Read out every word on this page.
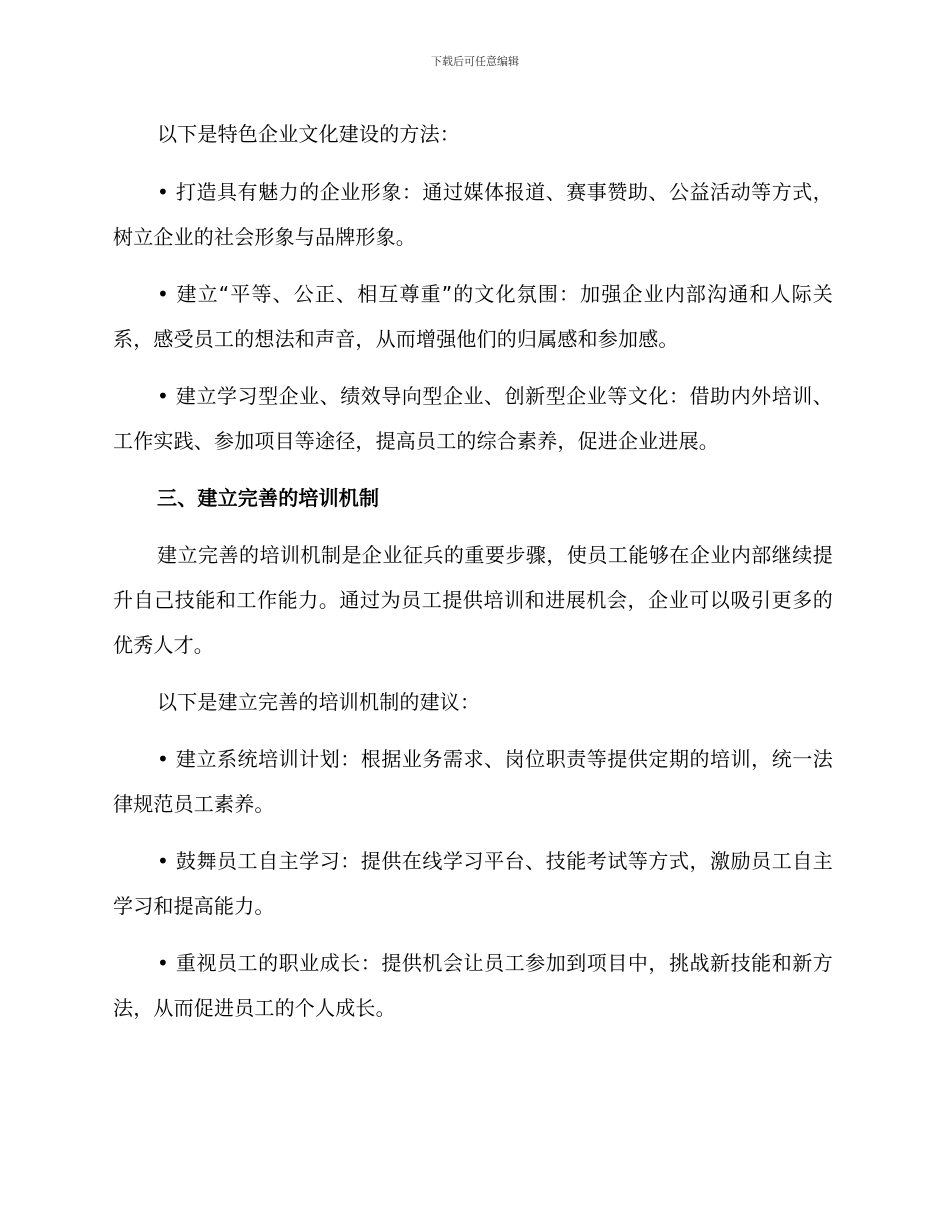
下载后可任意编辑

以下是特色企业文化建设的方法：

• 打造具有魅力的企业形象：通过媒体报道、赛事赞助、公益活动等方式，树立企业的社会形象与品牌形象。

• 建立“平等、公正、相互尊重”的文化氛围：加强企业内部沟通和人际关系，感受员工的想法和声音，从而增强他们的归属感和参加感。

• 建立学习型企业、绩效导向型企业、创新型企业等文化：借助内外培训、工作实践、参加项目等途径，提高员工的综合素养，促进企业进展。

三、建立完善的培训机制

建立完善的培训机制是企业征兵的重要步骤，使员工能够在企业内部继续提升自己技能和工作能力。通过为员工提供培训和进展机会，企业可以吸引更多的优秀人才。

以下是建立完善的培训机制的建议：

• 建立系统培训计划：根据业务需求、岗位职责等提供定期的培训，统一法律规范员工素养。

• 鼓舞员工自主学习：提供在线学习平台、技能考试等方式，激励员工自主学习和提高能力。

• 重视员工的职业成长：提供机会让员工参加到项目中，挑战新技能和新方法，从而促进员工的个人成长。
